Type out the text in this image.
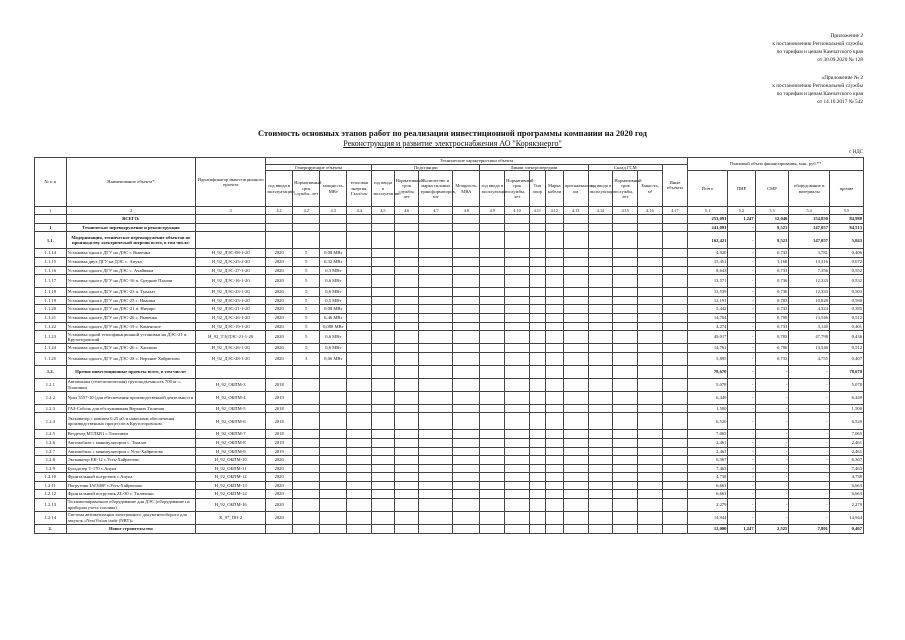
Приложение 2
к постановлению Региональной службы
по тарифам и ценам Камчатского края
от 30.09.2020 № 128
«Приложение № 2
к постановлению Региональной службы
по тарифам и ценам Камчатского края
от 14.10.2017 № 542
Стоимость основных этапов работ по реализации инвестиционной программы компании на 2020 год
Реконструкция и развитие электроснабжения АО "Корякэнерго"
с НДС
№ п п	Наименование объекта*	Идентификатор инвестиционного проекта	Технические характеристики объекта																	Плановый объем финансирования, млн. руб.**				
			Генерирующие объекты				Подстанции				Линии электропередачи					Склад ГСМ			Иные объекты					
			год ввода в эксплуатацию	Нормативный срок службы, лет	мощность, МВт	тепловая энергия, Гкал/час	год ввода в эксплуатацию	Нормативный срок службы, лет	Количество и марка силовых трансформаторов, шт	Мощность, МВА	год ввода в эксплуатацию	Нормативный срок службы, лет	Тип опор	Марка кабеля	протяженность, км	год ввода в эксплуатацию	Нормативный срок службы, лет	Емкость, м³		Всего	ПИР	СМР	оборудование и материалы	прочие
1	2	3	4.1	4.2	4.3	4.4	4.5	4.6	4.7	4.8	4.9	4.10	4.11	4.12	4.13	4.14	4.15	4.16	4.17	5.1	5.2	5.3	5.4	5.5
	ВСЕГО:																			253,091	1,247	12,046	154,850	84,988
1	Техническое перевооружение и реконструкция																			241,091	-	9,521	147,057	84,513
1.1.	Модернизация, техническое перевооружение объектов по производству электрической энергии всего, в том числе:																			162,421	-	9,521	147,057	5,843
1.1.14	Установка одного ДГУ на ДЭС г. Вывенка	H_92_ДЭС-08-1-20	2020	5	0,08 МВт															4,920	-	0,733	3,781	0,406
1.1.15	Установка двух ДГУ на ДЭС с. Апука	H_92_ДЭС-25-2-20	2020	5	0,32 МВт															15,451	-	1,168	13,316	0,672
1.1.16	Установка одного ДГУ на ДЭС с. Ачайваям	H_92_ДЭС-27-1-20	2020	5	0,3 МВт															8,643	-	0,733	7,356	0,552
1.1.17	Установка одного ДГУ на ДЭС-16 п. Средние Пахачи	H_92_ДЭС-16-1-20	2020	5	0,6 МВт															13,571	-	0,736	12,333	0,532
1.1.18	Установка одного ДГУ на ДЭС-23 п. Тымлат	H_92_ДЭС-23-1-20	2020	5	0,6 МВт															13,539	-	0,736	12,333	0,503
1.1.19	Установка одного ДГУ на ДЭС-25 с. Ивашка	H_92_ДЭС-25-1-20	2020	5	0,5 МВт															12,191	-	0,783	10,828	0,580
1.1.20	Установка одного ДГУ на ДЭС-21 п. Ничиро	H_92_ДЭС-21-1-20	2020	5	0,08 МВт															5,442	-	0,733	4,324	0,385
1.1.21	Установка одного ДГУ на ДЭС-26 с. Вывенка	H_92_ДЭС-26-1-20	2020	5	0,46 МВт															14,764	-	0,706	13,546	0,512
1.1.22	Установка одного ДГУ на ДЭС-19 с. Каменское	H_92_ДЭС-19-1-20	2020	5	0,088 МВт															4,274	-	0,733	3,140	0,401
1.1.23	Установка одной теплофикационной установки на ДЭС-21 п. Крутогоровский	H_92_ТЭ/ДЭС-21-1-20	2020	5	0,6 МВт															49,017	-	0,783	47,798	0,436
1.1.24	Установка одного ДГУ на ДЭС-26 с. Хаилино	H_92_ДЭС-26-1-20	2020	5	0,6 МВт															14,761	-	0,706	13,546	0,512
1.1.25	Установка одного ДГУ на ДЭС-28 с. Верхние Хайрюзово	H_92_ДЭС-28-1-20	2020	3	0,06 МВт															5,895	-	0,733	4,755	0,407
1.2.	Прочие инвестиционные проекты всего, в том числе:																			78,670	-	-	-	78,670
1.2.1	Автовышка (телескопическая) грузоподъемность 700 кг с. Тиличики	H_92_ОБПМ-3	2018																	5,078	-	-	-	5,078
1.2.2	Урал 5557-10 (для обеспечения производственной деятельности	H_92_ОБПМ-4	2019																	6,449	-	-	-	6,449
1.2.3	ГАЗ-Соболь для обслуживания Верхних Тиличик	H_92_ОБПМ-5	2018																	1,500	-	-	-	1,500
1.2.4	Экскаватор с ковшом 0,25 м3 и навесным обеспечения производственных процессов в Крутогоровском	H_92_ОБПМ-6	2018																	6,520	-	-	-	6,520
1.2.5	Вездеход МТЛБВ1 с.Тиличики	H_92_ОБПМ-7	2018																	7,065	-	-	-	7,065
1.2.6	Автомобиль с манипулятором с. Тымлат	H_92_ОБПМ-8	2019																	2,461	-	-	-	2,461
1.2.7	Автомобиль с манипулятором с.Усть-Хайрюзово	H_92_ОБПМ-9	2019																	2,461	-	-	-	2,461
1.2.8	Экскаватор ЕК-12 с.Усть-Хайрюзово	H_92_ОБПМ-10	2020																	6,367	-	-	-	6,367
1.2.9	Бульдозер Т-170 с.Апука	H_92_ОБПМ-11	2020																	7,463	-	-	-	7,463
1.2.10	Фронтальный погрузчик с.Апука	H_92_ОБПМ-12	2020																	4,738	-	-	-	4,738
1.2.11	Погрузчик LW300F с.Усть-Хайрюзово	H_92_ОБПМ-13	2020																	6,663	-	-	-	6,663
1.2.12	Фронтальный погрузчик ZL-30 с. Тиличики	H_92_ОБПМ-14	2020																	6,663	-	-	-	6,663
1.2.13	Топливозаправочное оборудование для ДЭС (оборудование по приборам учета топлива)	H_92_ОБПМ-16	2020																	2,279	-	-	-	2,279
1.2.14	Система автоматизации электронного документооборота для закупок «NextVision trade (NВТ)»	К_97_ПО-2	2020																	14,944	-	-	-	14,944
2.	Новое строительство																			12,000	1,247	2,525	7,801	0,467
